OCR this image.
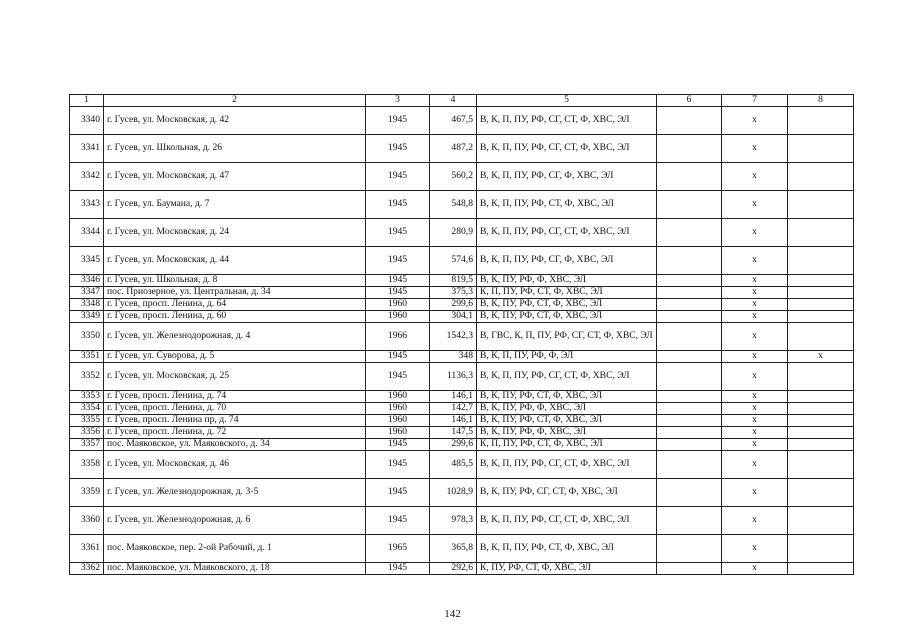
1	2	3	4	5	6	7	8
3340	г. Гусев, ул. Московская, д. 42	1945	467,5	В, К, П, ПУ, РФ, СГ, СТ, Ф, ХВС, ЭЛ		х	
3341	г. Гусев, ул. Школьная, д. 26	1945	487,2	В, К, П, ПУ, РФ, СГ, СТ, Ф, ХВС, ЭЛ		х	
3342	г. Гусев, ул. Московская, д. 47	1945	560,2	В, К, П, ПУ, РФ, СГ, Ф, ХВС, ЭЛ		х	
3343	г. Гусев, ул. Баумана, д. 7	1945	548,8	В, К, П, ПУ, РФ, СТ, Ф, ХВС, ЭЛ		х	
3344	г. Гусев, ул. Московская, д. 24	1945	280,9	В, К, П, ПУ, РФ, СГ, СТ, Ф, ХВС, ЭЛ		х	
3345	г. Гусев, ул. Московская, д. 44	1945	574,6	В, К, П, ПУ, РФ, СГ, Ф, ХВС, ЭЛ		х	
3346	г. Гусев, ул. Школьная, д. 8	1945	819,5	В, К, ПУ, РФ, Ф, ХВС, ЭЛ		х	
3347	пос. Приозерное, ул. Центральная, д. 34	1945	375,3	К, П, ПУ, РФ, СТ, Ф, ХВС, ЭЛ		х	
3348	г. Гусев, просп. Ленина, д. 64	1960	299,6	В, К, ПУ, РФ, СТ, Ф, ХВС, ЭЛ		х	
3349	г. Гусев, просп. Ленина, д. 60	1960	304,1	В, К, ПУ, РФ, СТ, Ф, ХВС, ЭЛ		х	
3350	г. Гусев, ул. Железнодорожная, д. 4	1966	1542,3	В, ГВС, К, П, ПУ, РФ, СГ, СТ, Ф, ХВС, ЭЛ		х	
3351	г. Гусев, ул. Суворова, д. 5	1945	348	В, К, П, ПУ, РФ, Ф, ЭЛ		х	х
3352	г. Гусев, ул. Московская, д. 25	1945	1136,3	В, К, П, ПУ, РФ, СГ, СТ, Ф, ХВС, ЭЛ		х	
3353	г. Гусев, просп. Ленина, д. 74	1960	146,1	В, К, ПУ, РФ, СТ, Ф, ХВС, ЭЛ		х	
3354	г. Гусев, просп. Ленина, д. 70	1960	142,7	В, К, ПУ, РФ, Ф, ХВС, ЭЛ		х	
3355	г. Гусев, просп. Ленина пр, д. 74	1960	146,1	В, К, ПУ, РФ, СТ, Ф, ХВС, ЭЛ		х	
3356	г. Гусев, просп. Ленина, д. 72	1960	147,5	В, К, ПУ, РФ, Ф, ХВС, ЭЛ		х	
3357	пос. Маяковское, ул. Маяковского, д. 34	1945	299,6	К, П, ПУ, РФ, СТ, Ф, ХВС, ЭЛ		х	
3358	г. Гусев, ул. Московская, д. 46	1945	485,5	В, К, П, ПУ, РФ, СГ, СТ, Ф, ХВС, ЭЛ		х	
3359	г. Гусев, ул. Железнодорожная, д. 3-5	1945	1028,9	В, К, ПУ, РФ, СГ, СТ, Ф, ХВС, ЭЛ		х	
3360	г. Гусев, ул. Железнодорожная, д. 6	1945	978,3	В, К, П, ПУ, РФ, СГ, СТ, Ф, ХВС, ЭЛ		х	
3361	пос. Маяковское, пер. 2-ой Рабочий, д. 1	1965	365,8	В, К, П, ПУ, РФ, СТ, Ф, ХВС, ЭЛ		х	
3362	пос. Маяковское, ул. Маяковского, д. 18	1945	292,6	К, ПУ, РФ, СТ, Ф, ХВС, ЭЛ		х	
142
